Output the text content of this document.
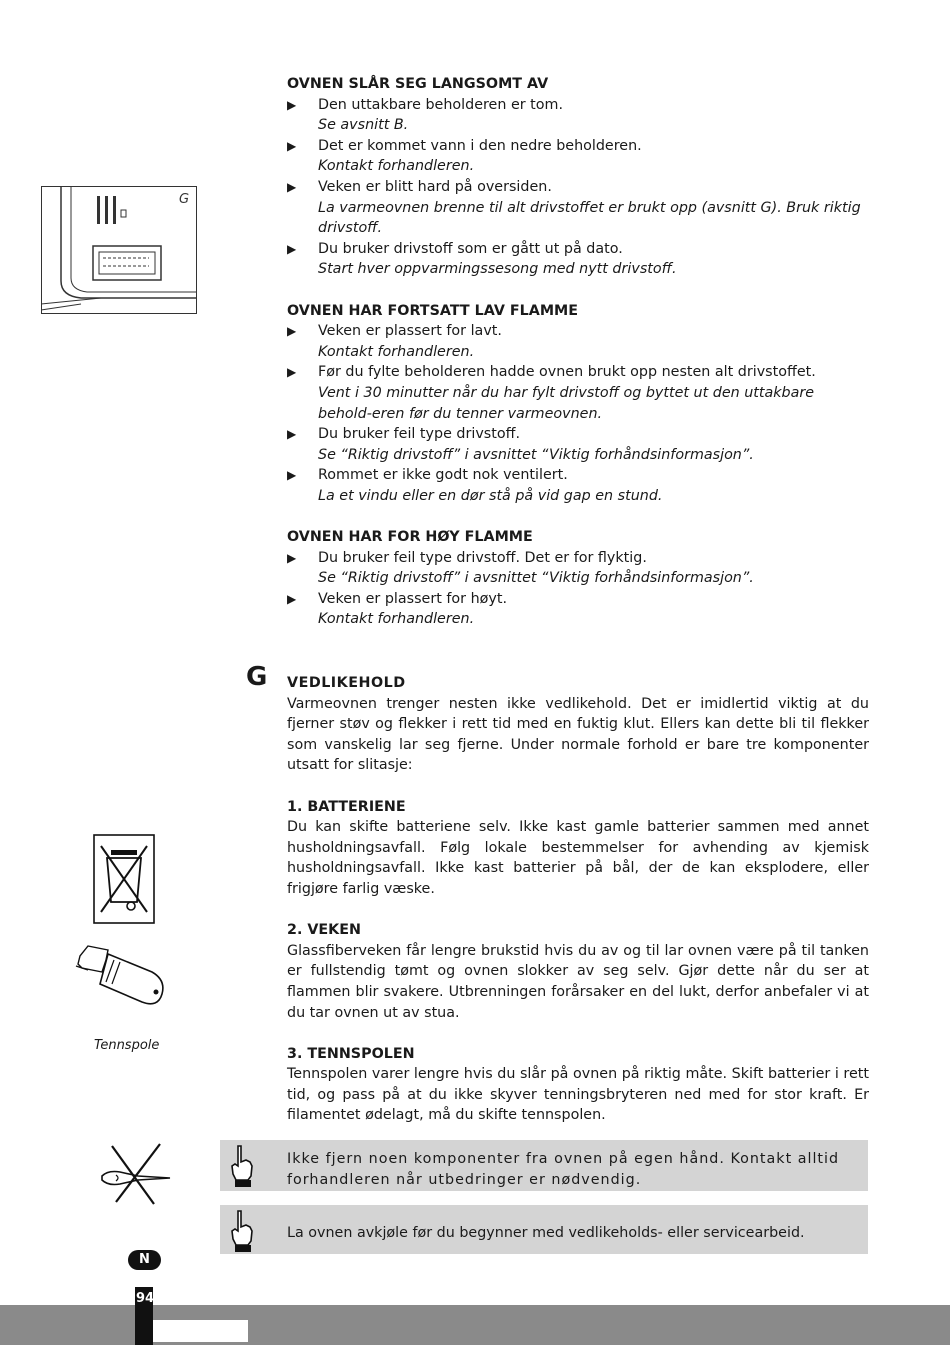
G

OVNEN SLÅR SEG LANGSOMT AV

▶ Den uttakbare beholderen er tom.
Se avsnitt B.
▶ Det er kommet vann i den nedre beholderen.
Kontakt forhandleren.
▶ Veken er blitt hard på oversiden.
La varmeovnen brenne til alt drivstoffet er brukt opp (avsnitt G). Bruk riktig drivstoff.
▶ Du bruker drivstoff som er gått ut på dato.
Start hver oppvarmingssesong med nytt drivstoff.

OVNEN HAR FORTSATT LAV FLAMME

▶ Veken er plassert for lavt.
Kontakt forhandleren.
▶ Før du fylte beholderen hadde ovnen brukt opp nesten alt drivstoffet.
Vent i 30 minutter når du har fylt drivstoff og byttet ut den uttakbare behold-eren før du tenner varmeovnen.
▶ Du bruker feil type drivstoff.
Se “Riktig drivstoff” i avsnittet “Viktig forhåndsinformasjon”.
▶ Rommet er ikke godt nok ventilert.
La et vindu eller en dør stå på vid gap en stund.

OVNEN HAR FOR HØY FLAMME

▶ Du bruker feil type drivstoff. Det er for flyktig.
Se “Riktig drivstoff” i avsnittet “Viktig forhåndsinformasjon”.
▶ Veken er plassert for høyt.
Kontakt forhandleren.
G VEDLIKEHOLD

Varmeovnen trenger nesten ikke vedlikehold. Det er imidlertid viktig at du fjerner støv og flekker i rett tid med en fuktig klut. Ellers kan dette bli til flekker som vanskelig lar seg fjerne. Under normale forhold er bare tre komponenter utsatt for slitasje:

1. BATTERIENE

Du kan skifte batteriene selv. Ikke kast gamle batterier sammen med annet husholdningsavfall. Følg lokale bestemmelser for avhending av kjemisk husholdningsavfall. Ikke kast batterier på bål, der de kan eksplodere, eller frigjøre farlig væske.

2. VEKEN

Glassfiberveken får lengre brukstid hvis du av og til lar ovnen være på til tanken er fullstendig tømt og ovnen slokker av seg selv. Gjør dette når du ser at flammen blir svakere. Utbrenningen forårsaker en del lukt, derfor anbefaler vi at du tar ovnen ut av stua.

3. TENNSPOLEN

Tennspolen varer lengre hvis du slår på ovnen på riktig måte. Skift batterier i rett tid, og pass på at du ikke skyver tenningsbryteren ned med for stor kraft. Er filamentet ødelagt, må du skifte tennspolen.

Ikke fjern noen komponenter fra ovnen på egen hånd. Kontakt alltid forhandleren når utbedringer er nødvendig.
La ovnen avkjøle før du begynner med vedlikeholds- eller servicearbeid.
Tennspole
N
94
